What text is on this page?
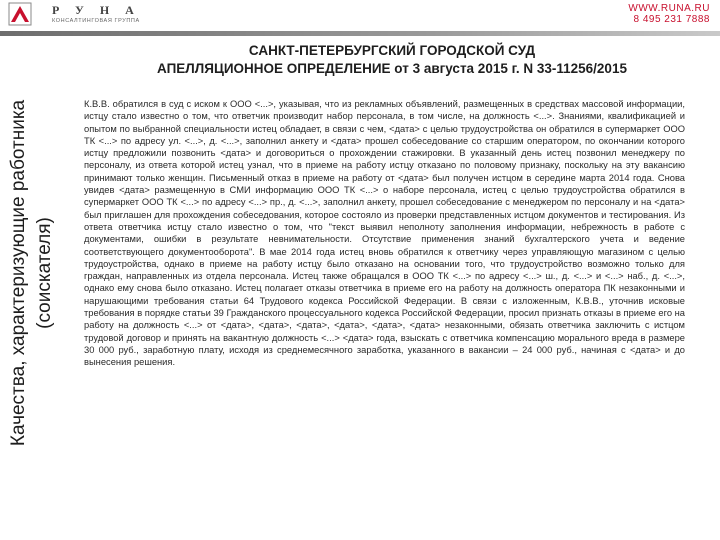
РУНА
КОНСАЛТИНГОВАЯ ГРУППА
WWW.RUNA.RU
8 495 231 7888
Качества, характеризующие работника (соискателя)
САНКТ-ПЕТЕРБУРГСКИЙ ГОРОДСКОЙ СУД
АПЕЛЛЯЦИОННОЕ ОПРЕДЕЛЕНИЕ от 3 августа 2015 г. N 33-11256/2015

К.В.В. обратился в суд с иском к ООО <...>, указывая, что из рекламных объявлений, размещенных в средствах массовой информации, истцу стало известно о том, что ответчик производит набор персонала, в том числе, на должность <...>. Знаниями, квалификацией и опытом по выбранной специальности истец обладает, в связи с чем, <дата> с целью трудоустройства он обратился в супермаркет ООО ТК <...> по адресу ул. <...>, д. <...>, заполнил анкету и <дата> прошел собеседование со старшим оператором, по окончании которого истцу предложили позвонить <дата> и договориться о прохождении стажировки. В указанный день истец позвонил менеджеру по персоналу, из ответа которой истец узнал, что в приеме на работу истцу отказано по половому признаку, поскольку на эту вакансию принимают только женщин. Письменный отказ в приеме на работу от <дата> был получен истцом в середине марта 2014 года. Снова увидев <дата> размещенную в СМИ информацию ООО ТК <...> о наборе персонала, истец с целью трудоустройства обратился в супермаркет ООО ТК <...> по адресу <...> пр., д. <...>, заполнил анкету, прошел собеседование с менеджером по персоналу и на <дата> был приглашен для прохождения собеседования, которое состояло из проверки представленных истцом документов и тестирования. Из ответа ответчика истцу стало известно о том, что "текст выявил неполноту заполнения информации, небрежность в работе с документами, ошибки в результате невнимательности. Отсутствие применения знаний бухгалтерского учета и ведение соответствующего документооборота". В мае 2014 года истец вновь обратился к ответчику через управляющую магазином с целью трудоустройства, однако в приеме на работу истцу было отказано на основании того, что трудоустройство возможно только для граждан, направленных из отдела персонала. Истец также обращался в ООО ТК <...> по адресу <...> ш., д. <...> и <...> наб., д. <...>, однако ему снова было отказано. Истец полагает отказы ответчика в приеме его на работу на должность оператора ПК незаконными и нарушающими требования статьи 64 Трудового кодекса Российской Федерации. В связи с изложенным, К.В.В., уточнив исковые требования в порядке статьи 39 Гражданского процессуального кодекса Российской Федерации, просил признать отказы в приеме его на работу на должность <...> от <дата>, <дата>, <дата>, <дата>, <дата>, <дата> незаконными, обязать ответчика заключить с истцом трудовой договор и принять на вакантную должность <...> <дата> года, взыскать с ответчика компенсацию морального вреда в размере 30 000 руб., заработную плату, исходя из среднемесячного заработка, указанного в вакансии – 24 000 руб., начиная с <дата> и до вынесения решения.
